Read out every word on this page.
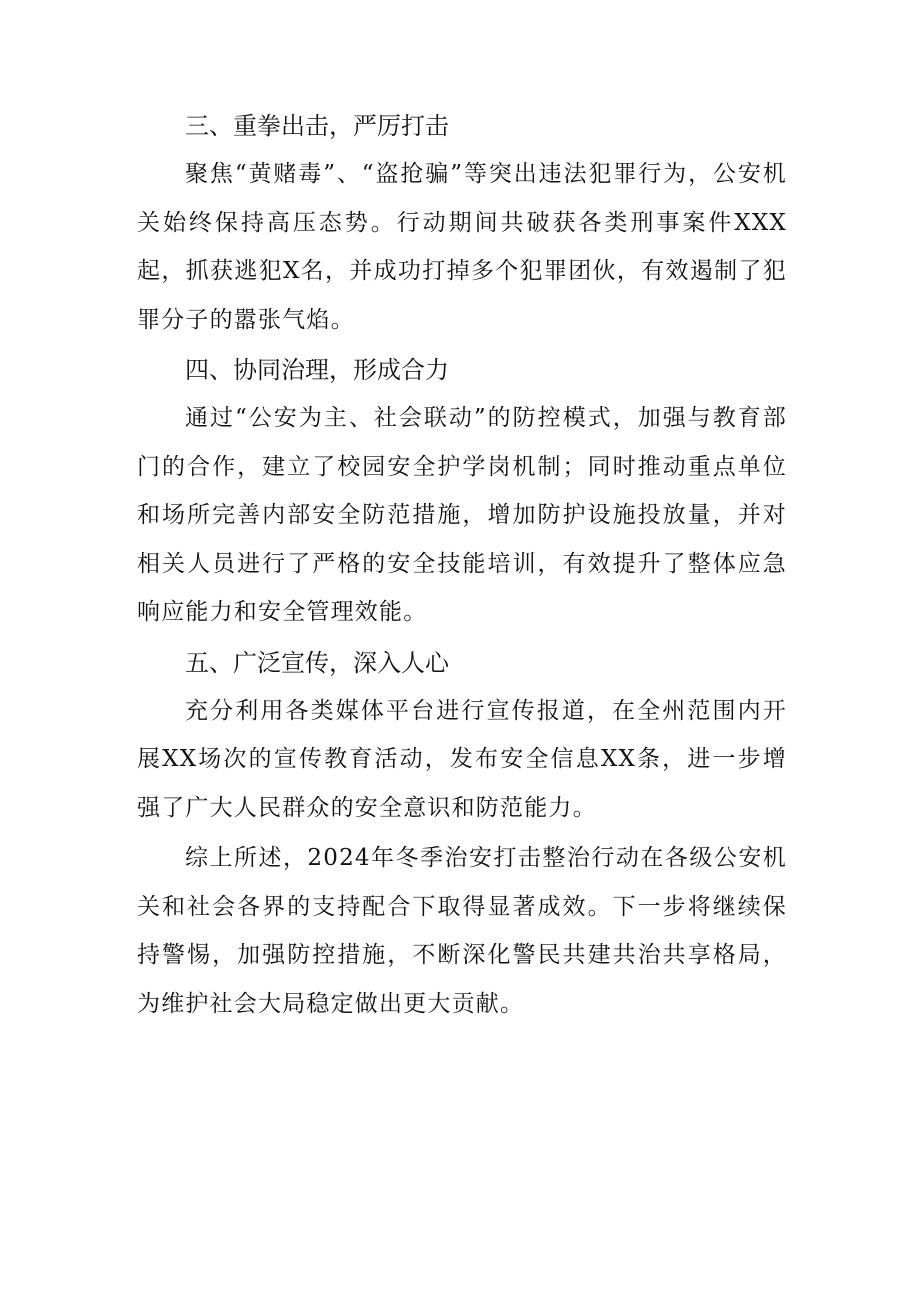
三、重拳出击，严厉打击

聚焦“黄赌毒”、“盗抢骗”等突出违法犯罪行为，公安机关始终保持高压态势。行动期间共破获各类刑事案件XXX起，抓获逃犯X名，并成功打掉多个犯罪团伙，有效遏制了犯罪分子的嚣张气焰。

四、协同治理，形成合力

通过“公安为主、社会联动”的防控模式，加强与教育部门的合作，建立了校园安全护学岗机制；同时推动重点单位和场所完善内部安全防范措施，增加防护设施投放量，并对相关人员进行了严格的安全技能培训，有效提升了整体应急响应能力和安全管理效能。

五、广泛宣传，深入人心

充分利用各类媒体平台进行宣传报道，在全州范围内开展XX场次的宣传教育活动，发布安全信息XX条，进一步增强了广大人民群众的安全意识和防范能力。

综上所述，2024年冬季治安打击整治行动在各级公安机关和社会各界的支持配合下取得显著成效。下一步将继续保持警惕，加强防控措施，不断深化警民共建共治共享格局，为维护社会大局稳定做出更大贡献。
